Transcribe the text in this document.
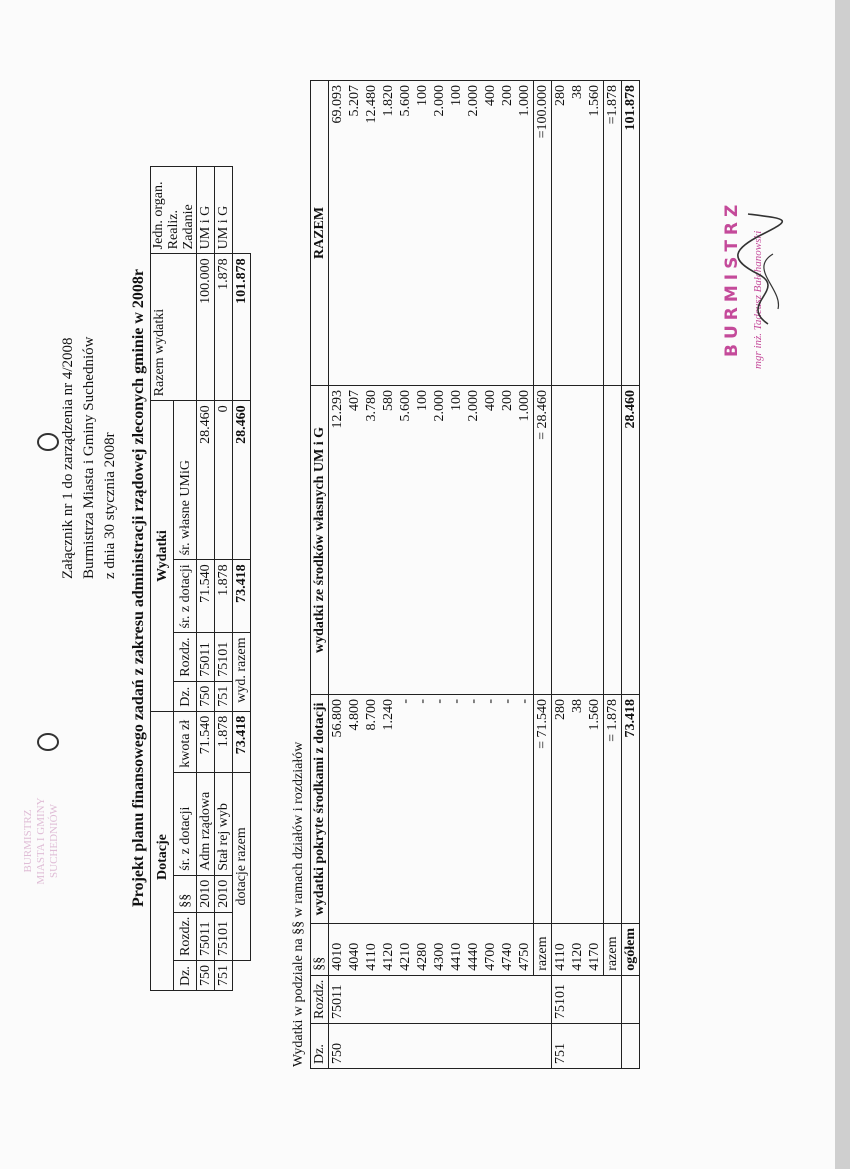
BURMISTRZ MIASTA I GMINY SUCHEDNIÓW
Załącznik nr 1 do zarządzenia nr 4/2008 Burmistrza Miasta i Gminy Suchedniów z dnia 30 stycznia 2008r Projekt planu finansowego zadań z zakresu administracji rządowej zleconych gminie w 2008r Dotacje					Wydatki				Razem wydatki	Jedn. organ. Realiz. Zadanie
Dz.	Rozdz.	§§	śr. z dotacji	kwota zł	Dz.	Rozdz.	śr. z dotacji	śr. własne UMiG		
750	75011	2010	Adm rządowa	71.540	750	75011	71.540	28.460	100.000	UM i G
751	75101	2010	Stał rej wyb	1.878	751	75101	1.878	0	1.878	UM i G
	dotacje razem			73.418	wyd. razem		73.418	28.460	101.878	
Wydatki w podziale na §§ w ramach działów i rozdziałów Dz.	Rozdz.	§§	wydatki pokryte środkami z dotacji	wydatki ze środków własnych UM i G	RAZEM
750	75011	4010	56.800	12.293	69.093
		4040	4.800	407	5.207
		4110	8.700	3.780	12.480
		4120	1.240	580	1.820
		4210	-	5.600	5.600
		4280	-	100	100
		4300	-	2.000	2.000
		4410	-	100	100
		4440	-	2.000	2.000
		4700	-	400	400
		4740	-	200	200
		4750	-	1.000	1.000
		razem	= 71.540	= 28.460	=100.000
751	75101	4110	280		280
		4120	38		38
		4170	1.560		1.560
		razem	= 1.878		=1.878
		ogółem	73.418	28.460	101.878
BURMISTRZ mgr inż. Tadeusz Bałchanowski
